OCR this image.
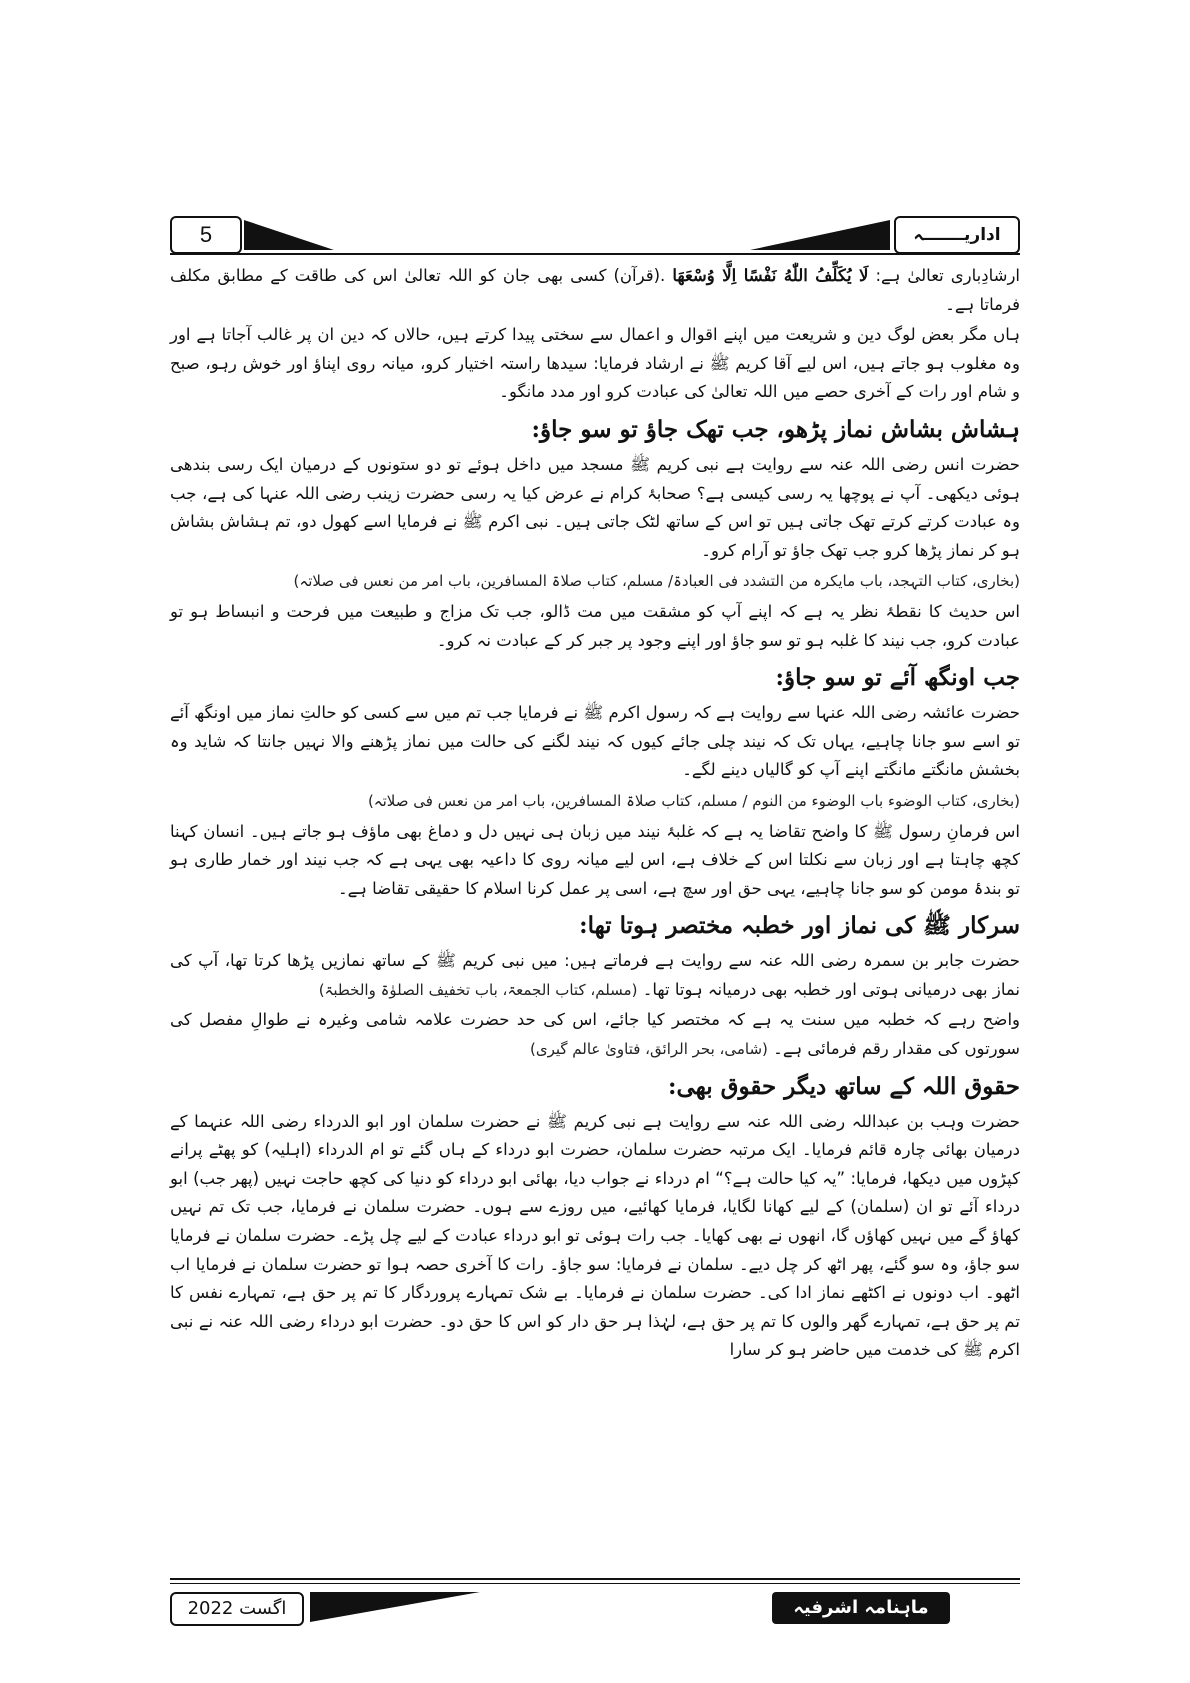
5	اداریـــــــہ

ارشادِباری تعالیٰ ہے: لَا يُكَلِّفُ اللّٰهُ نَفْسًا اِلَّا وُسْعَهَا .(قرآن) کسی بھی جان کو اللہ تعالیٰ اس کی طاقت کے مطابق مکلف فرماتا ہے۔

ہاں مگر بعض لوگ دین و شریعت میں اپنے اقوال و اعمال سے سختی پیدا کرتے ہیں، حالاں کہ دین ان پر غالب آجاتا ہے اور وہ مغلوب ہو جاتے ہیں، اس لیے آقا کریم ﷺ نے ارشاد فرمایا: سیدھا راستہ اختیار کرو، میانہ روی اپناؤ اور خوش رہو، صبح و شام اور رات کے آخری حصے میں اللہ تعالیٰ کی عبادت کرو اور مدد مانگو۔

ہشاش بشاش نماز پڑھو، جب تھک جاؤ تو سو جاؤ:

حضرت انس رضی اللہ عنہ سے روایت ہے نبی کریم ﷺ مسجد میں داخل ہوئے تو دو ستونوں کے درمیان ایک رسی بندھی ہوئی دیکھی۔ آپ نے پوچھا یہ رسی کیسی ہے؟ صحابۂ کرام نے عرض کیا یہ رسی حضرت زینب رضی اللہ عنہا کی ہے، جب وہ عبادت کرتے کرتے تھک جاتی ہیں تو اس کے ساتھ لٹک جاتی ہیں۔ نبی اکرم ﷺ نے فرمایا اسے کھول دو، تم ہشاش بشاش ہو کر نماز پڑھا کرو جب تھک جاؤ تو آرام کرو۔

(بخاری، کتاب التہجد، باب مایکرہ من التشدد فی العبادۃ/ مسلم، کتاب صلاۃ المسافرین، باب امر من نعس فی صلاتہ)

اس حدیث کا نقطۂ نظر یہ ہے کہ اپنے آپ کو مشقت میں مت ڈالو، جب تک مزاج و طبیعت میں فرحت و انبساط ہو تو عبادت کرو، جب نیند کا غلبہ ہو تو سو جاؤ اور اپنے وجود پر جبر کر کے عبادت نہ کرو۔

جب اونگھ آئے تو سو جاؤ:

حضرت عائشہ رضی اللہ عنہا سے روایت ہے کہ رسول اکرم ﷺ نے فرمایا جب تم میں سے کسی کو حالتِ نماز میں اونگھ آئے تو اسے سو جانا چاہیے، یہاں تک کہ نیند چلی جائے کیوں کہ نیند لگنے کی حالت میں نماز پڑھنے والا نہیں جانتا کہ شاید وہ بخشش مانگتے مانگتے اپنے آپ کو گالیاں دینے لگے۔

(بخاری، کتاب الوضوء باب الوضوء من النوم / مسلم، کتاب صلاۃ المسافرین، باب امر من نعس فی صلاتہ)

اس فرمانِ رسول ﷺ کا واضح تقاضا یہ ہے کہ غلبۂ نیند میں زبان ہی نہیں دل و دماغ بھی ماؤف ہو جاتے ہیں۔ انسان کہنا کچھ چاہتا ہے اور زبان سے نکلتا اس کے خلاف ہے، اس لیے میانہ روی کا داعیہ بھی یہی ہے کہ جب نیند اور خمار طاری ہو تو بندۂ مومن کو سو جانا چاہیے، یہی حق اور سچ ہے، اسی پر عمل کرنا اسلام کا حقیقی تقاضا ہے۔

سرکار ﷺ کی نماز اور خطبہ مختصر ہوتا تھا:

حضرت جابر بن سمرہ رضی اللہ عنہ سے روایت ہے فرماتے ہیں: میں نبی کریم ﷺ کے ساتھ نمازیں پڑھا کرتا تھا، آپ کی نماز بھی درمیانی ہوتی اور خطبہ بھی درمیانہ ہوتا تھا۔ (مسلم، کتاب الجمعۃ، باب تخفیف الصلوٰۃ والخطبۃ)

واضح رہے کہ خطبہ میں سنت یہ ہے کہ مختصر کیا جائے، اس کی حد حضرت علامہ شامی وغیرہ نے طوالِ مفصل کی سورتوں کی مقدار رقم فرمائی ہے۔ (شامی، بحر الرائق، فتاویٰ عالم گیری)

حقوق اللہ کے ساتھ دیگر حقوق بھی:

حضرت وہب بن عبداللہ رضی اللہ عنہ سے روایت ہے نبی کریم ﷺ نے حضرت سلمان اور ابو الدرداء رضی اللہ عنہما کے درمیان بھائی چارہ قائم فرمایا۔ ایک مرتبہ حضرت سلمان، حضرت ابو درداء کے ہاں گئے تو ام الدرداء (اہلیہ) کو پھٹے پرانے کپڑوں میں دیکھا، فرمایا: ”یہ کیا حالت ہے؟“ ام درداء نے جواب دیا، بھائی ابو درداء کو دنیا کی کچھ حاجت نہیں (پھر جب) ابو درداء آئے تو ان (سلمان) کے لیے کھانا لگایا، فرمایا کھائیے، میں روزے سے ہوں۔ حضرت سلمان نے فرمایا، جب تک تم نہیں کھاؤ گے میں نہیں کھاؤں گا، انھوں نے بھی کھایا۔ جب رات ہوئی تو ابو درداء عبادت کے لیے چل پڑے۔ حضرت سلمان نے فرمایا سو جاؤ، وہ سو گئے، پھر اٹھ کر چل دیے۔ سلمان نے فرمایا: سو جاؤ۔ رات کا آخری حصہ ہوا تو حضرت سلمان نے فرمایا اب اٹھو۔ اب دونوں نے اکٹھے نماز ادا کی۔ حضرت سلمان نے فرمایا۔ بے شک تمہارے پروردگار کا تم پر حق ہے، تمہارے نفس کا تم پر حق ہے، تمہارے گھر والوں کا تم پر حق ہے، لہٰذا ہر حق دار کو اس کا حق دو۔ حضرت ابو درداء رضی اللہ عنہ نے نبی اکرم ﷺ کی خدمت میں حاضر ہو کر سارا

اگست 2022	ماہنامہ اشرفیہ
